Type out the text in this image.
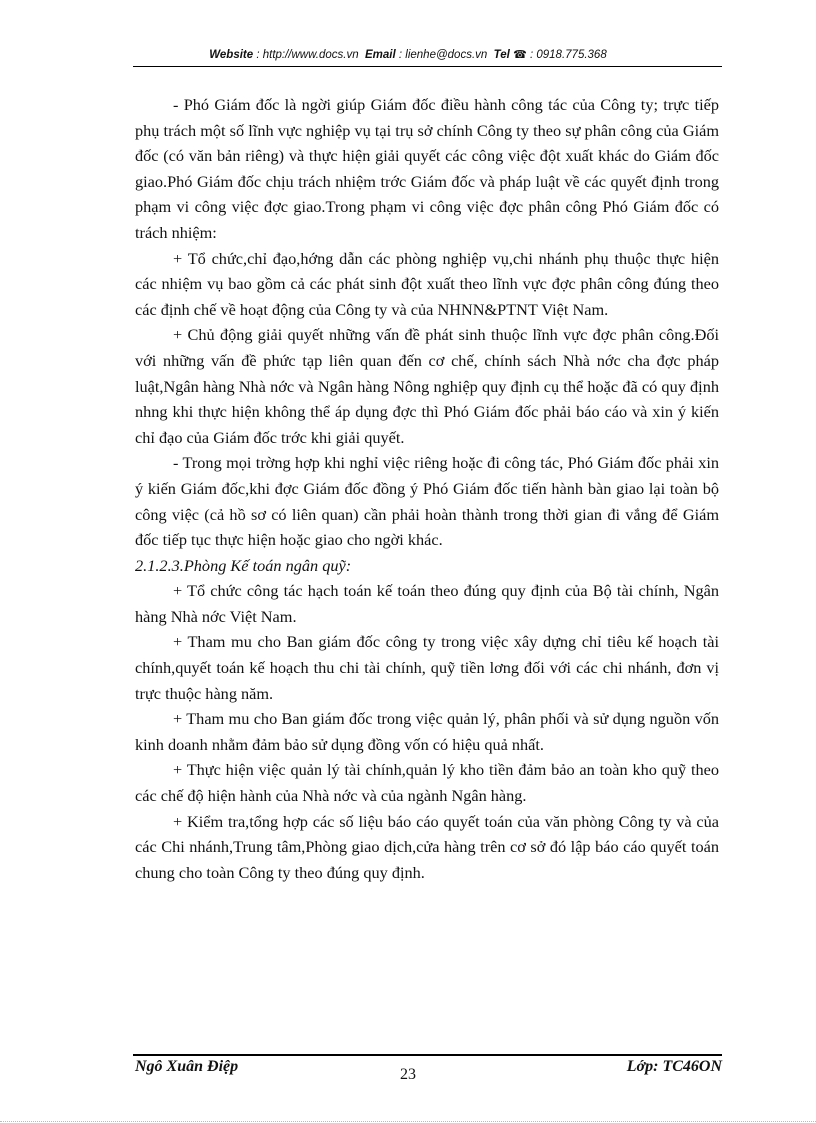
Website : http://www.docs.vn Email : lienhe@docs.vn Tel ☎ : 0918.775.368

- Phó Giám đốc là ngời giúp Giám đốc điều hành công tác của Công ty; trực tiếp phụ trách một số lĩnh vực nghiệp vụ tại trụ sở chính Công ty theo sự phân công của Giám đốc (có văn bản riêng) và thực hiện giải quyết các công việc đột xuất khác do Giám đốc giao.Phó Giám đốc chịu trách nhiệm trớc Giám đốc và pháp luật về các quyết định trong phạm vi công việc đợc giao.Trong phạm vi công việc đợc phân công Phó Giám đốc có trách nhiệm:

+ Tổ chức,chỉ đạo,hớng dẫn các phòng nghiệp vụ,chi nhánh phụ thuộc thực hiện các nhiệm vụ bao gồm cả các phát sinh đột xuất theo lĩnh vực đợc phân công đúng theo các định chế về hoạt động của Công ty và của NHNN&PTNT Việt Nam.

+ Chủ động giải quyết những vấn đề phát sinh thuộc lĩnh vực đợc phân công.Đối với những vấn đề phức tạp liên quan đến cơ chế, chính sách Nhà nớc cha đợc pháp luật,Ngân hàng Nhà nớc và Ngân hàng Nông nghiệp quy định cụ thể hoặc đã có quy định nhng khi thực hiện không thể áp dụng đợc thì Phó Giám đốc phải báo cáo và xin ý kiến chỉ đạo của Giám đốc trớc khi giải quyết.

- Trong mọi trờng hợp khi nghỉ việc riêng hoặc đi công tác, Phó Giám đốc phải xin ý kiến Giám đốc,khi đợc Giám đốc đồng ý Phó Giám đốc tiến hành bàn giao lại toàn bộ công việc (cả hồ sơ có liên quan) cần phải hoàn thành trong thời gian đi vắng để Giám đốc tiếp tục thực hiện hoặc giao cho ngời khác.

2.1.2.3.Phòng Kế toán ngân quỹ:

+ Tổ chức công tác hạch toán kế toán theo đúng quy định của Bộ tài chính, Ngân hàng Nhà nớc Việt Nam.

+ Tham mu cho Ban giám đốc công ty trong việc xây dựng chỉ tiêu kế hoạch tài chính,quyết toán kế hoạch thu chi tài chính, quỹ tiền lơng đối với các chi nhánh, đơn vị trực thuộc hàng năm.

+ Tham mu cho Ban giám đốc trong việc quản lý, phân phối và sử dụng nguồn vốn kinh doanh nhằm đảm bảo sử dụng đồng vốn có hiệu quả nhất.

+ Thực hiện việc quản lý tài chính,quản lý kho tiền đảm bảo an toàn kho quỹ theo các chế độ hiện hành của Nhà nớc và của ngành Ngân hàng.

+ Kiểm tra,tổng hợp các số liệu báo cáo quyết toán của văn phòng Công ty và của các Chi nhánh,Trung tâm,Phòng giao dịch,cửa hàng trên cơ sở đó lập báo cáo quyết toán chung cho toàn Công ty theo đúng quy định.

Ngô Xuân Điệp	23	Lớp: TC46ON
